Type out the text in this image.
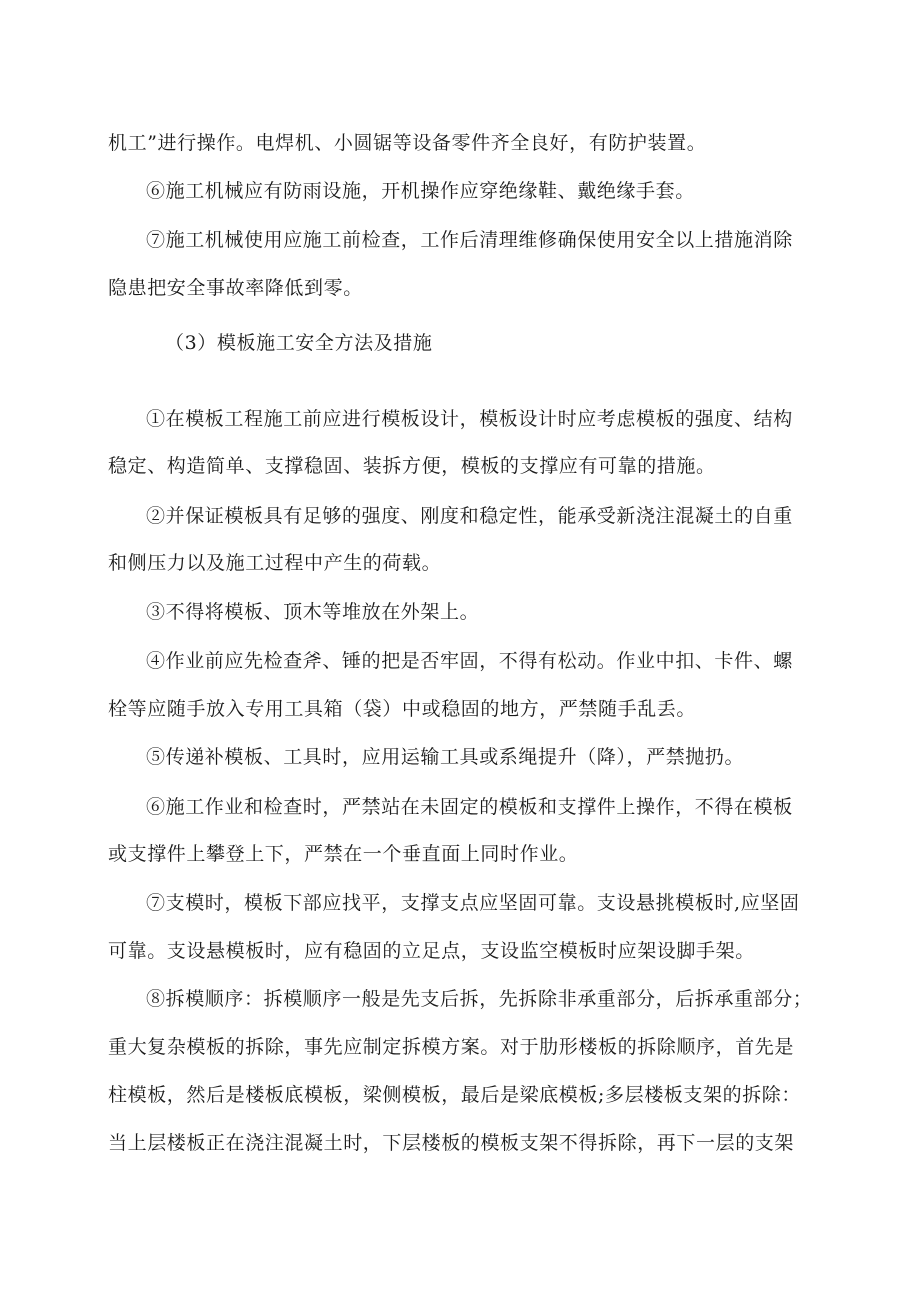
机工”进行操作。电焊机、小圆锯等设备零件齐全良好，有防护装置。

⑥施工机械应有防雨设施，开机操作应穿绝缘鞋、戴绝缘手套。

⑦施工机械使用应施工前检查，工作后清理维修确保使用安全以上措施消除

隐患把安全事故率降低到零。

（3）模板施工安全方法及措施

①在模板工程施工前应进行模板设计，模板设计时应考虑模板的强度、结构

稳定、构造简单、支撑稳固、装拆方便，模板的支撑应有可靠的措施。

②并保证模板具有足够的强度、刚度和稳定性，能承受新浇注混凝土的自重

和侧压力以及施工过程中产生的荷载。

③不得将模板、顶木等堆放在外架上。

④作业前应先检查斧、锤的把是否牢固，不得有松动。作业中扣、卡件、螺

栓等应随手放入专用工具箱（袋）中或稳固的地方，严禁随手乱丢。

⑤传递补模板、工具时，应用运输工具或系绳提升（降），严禁抛扔。

⑥施工作业和检查时，严禁站在未固定的模板和支撑件上操作，不得在模板

或支撑件上攀登上下，严禁在一个垂直面上同时作业。

⑦支模时，模板下部应找平，支撑支点应坚固可靠。支设悬挑模板时,应坚固

可靠。支设悬模板时，应有稳固的立足点，支设监空模板时应架设脚手架。

⑧拆模顺序：拆模顺序一般是先支后拆，先拆除非承重部分，后拆承重部分；

重大复杂模板的拆除，事先应制定拆模方案。对于肋形楼板的拆除顺序，首先是

柱模板，然后是楼板底模板，梁侧模板，最后是梁底模板;多层楼板支架的拆除：

当上层楼板正在浇注混凝土时，下层楼板的模板支架不得拆除，再下一层的支架
